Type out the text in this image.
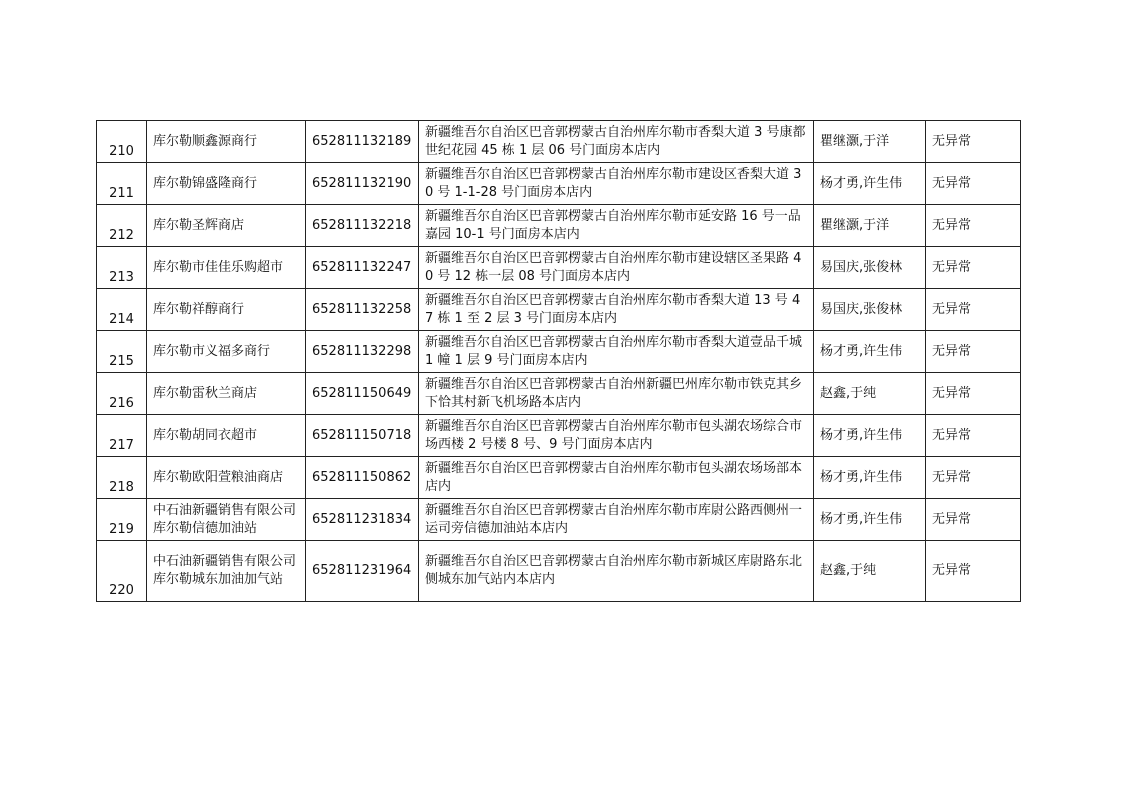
210	库尔勒顺鑫源商行	652811132189	新疆维吾尔自治区巴音郭楞蒙古自治州库尔勒市香梨大道 3 号康都世纪花园 45 栋 1 层 06 号门面房本店内	瞿继灏,于洋	无异常
211	库尔勒锦盛隆商行	652811132190	新疆维吾尔自治区巴音郭楞蒙古自治州库尔勒市建设区香梨大道 30 号 1-1-28 号门面房本店内	杨才勇,许生伟	无异常
212	库尔勒圣辉商店	652811132218	新疆维吾尔自治区巴音郭楞蒙古自治州库尔勒市延安路 16 号一品嘉园 10-1 号门面房本店内	瞿继灏,于洋	无异常
213	库尔勒市佳佳乐购超市	652811132247	新疆维吾尔自治区巴音郭楞蒙古自治州库尔勒市建设辖区圣果路 40 号 12 栋一层 08 号门面房本店内	易国庆,张俊林	无异常
214	库尔勒祥醇商行	652811132258	新疆维吾尔自治区巴音郭楞蒙古自治州库尔勒市香梨大道 13 号 47 栋 1 至 2 层 3 号门面房本店内	易国庆,张俊林	无异常
215	库尔勒市义福多商行	652811132298	新疆维吾尔自治区巴音郭楞蒙古自治州库尔勒市香梨大道壹品千城 1 幢 1 层 9 号门面房本店内	杨才勇,许生伟	无异常
216	库尔勒雷秋兰商店	652811150649	新疆维吾尔自治区巴音郭楞蒙古自治州新疆巴州库尔勒市铁克其乡下恰其村新飞机场路本店内	赵鑫,于纯	无异常
217	库尔勒胡同衣超市	652811150718	新疆维吾尔自治区巴音郭楞蒙古自治州库尔勒市包头湖农场综合市场西楼 2 号楼 8 号、9 号门面房本店内	杨才勇,许生伟	无异常
218	库尔勒欧阳萱粮油商店	652811150862	新疆维吾尔自治区巴音郭楞蒙古自治州库尔勒市包头湖农场场部本店内	杨才勇,许生伟	无异常
219	中石油新疆销售有限公司库尔勒信德加油站	652811231834	新疆维吾尔自治区巴音郭楞蒙古自治州库尔勒市库尉公路西侧州一运司旁信德加油站本店内	杨才勇,许生伟	无异常
220	中石油新疆销售有限公司库尔勒城东加油加气站	652811231964	新疆维吾尔自治区巴音郭楞蒙古自治州库尔勒市新城区库尉路东北侧城东加气站内本店内	赵鑫,于纯	无异常
